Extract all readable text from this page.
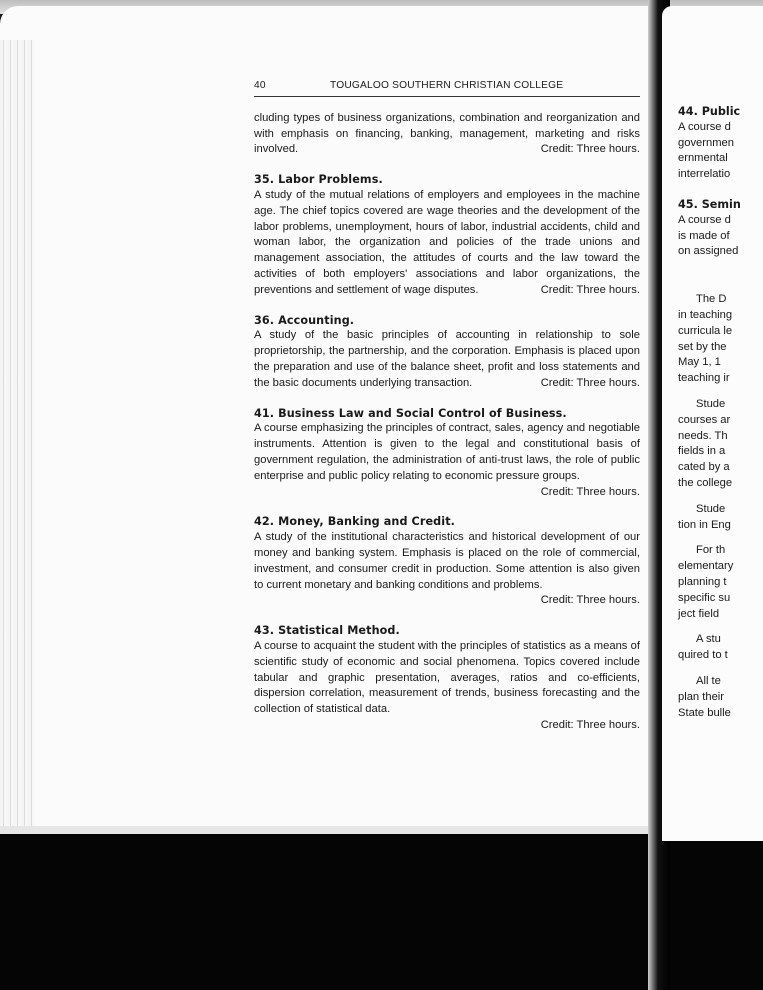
40	TOUGALOO SOUTHERN CHRISTIAN COLLEGE

cluding types of business organizations, combination and reorganization and with emphasis on financing, banking, management, marketing and risks involved.	Credit: Three hours.

35. Labor Problems.

A study of the mutual relations of employers and employees in the machine age. The chief topics covered are wage theories and the development of the labor problems, unemployment, hours of labor, industrial accidents, child and woman labor, the organization and policies of the trade unions and management association, the attitudes of courts and the law toward the activities of both employers' associations and labor organizations, the preventions and settlement of wage disputes.	Credit: Three hours.

36. Accounting.

A study of the basic principles of accounting in relationship to sole proprietorship, the partnership, and the corporation. Emphasis is placed upon the preparation and use of the balance sheet, profit and loss statements and the basic documents underlying transaction.	Credit: Three hours.

41. Business Law and Social Control of Business.

A course emphasizing the principles of contract, sales, agency and negotiable instruments. Attention is given to the legal and constitutional basis of government regulation, the administration of anti-trust laws, the role of public enterprise and public policy relating to economic pressure groups.
Credit: Three hours.

42. Money, Banking and Credit.

A study of the institutional characteristics and historical development of our money and banking system. Emphasis is placed on the role of commercial, investment, and consumer credit in production. Some attention is also given to current monetary and banking conditions and problems.
Credit: Three hours.

43. Statistical Method.

A course to acquaint the student with the principles of statistics as a means of scientific study of economic and social phenomena. Topics covered include tabular and graphic presentation, averages, ratios and co-efficients, dispersion correlation, measurement of trends, business forecasting and the collection of statistical data.

Credit: Three hours.
44. Public
A course d
governmen
ernmental
interrelatio
45. Semin
A course d
is made of
on assigned
The D
in teaching
curricula le
set by the
May 1, 1
teaching ir
Stude
courses ar
needs. Th
fields in a
cated by a
the college
Stude
tion in Eng
For th
elementary
planning t
specific su
ject field
A stu
quired to t
All te
plan their
State bulle
